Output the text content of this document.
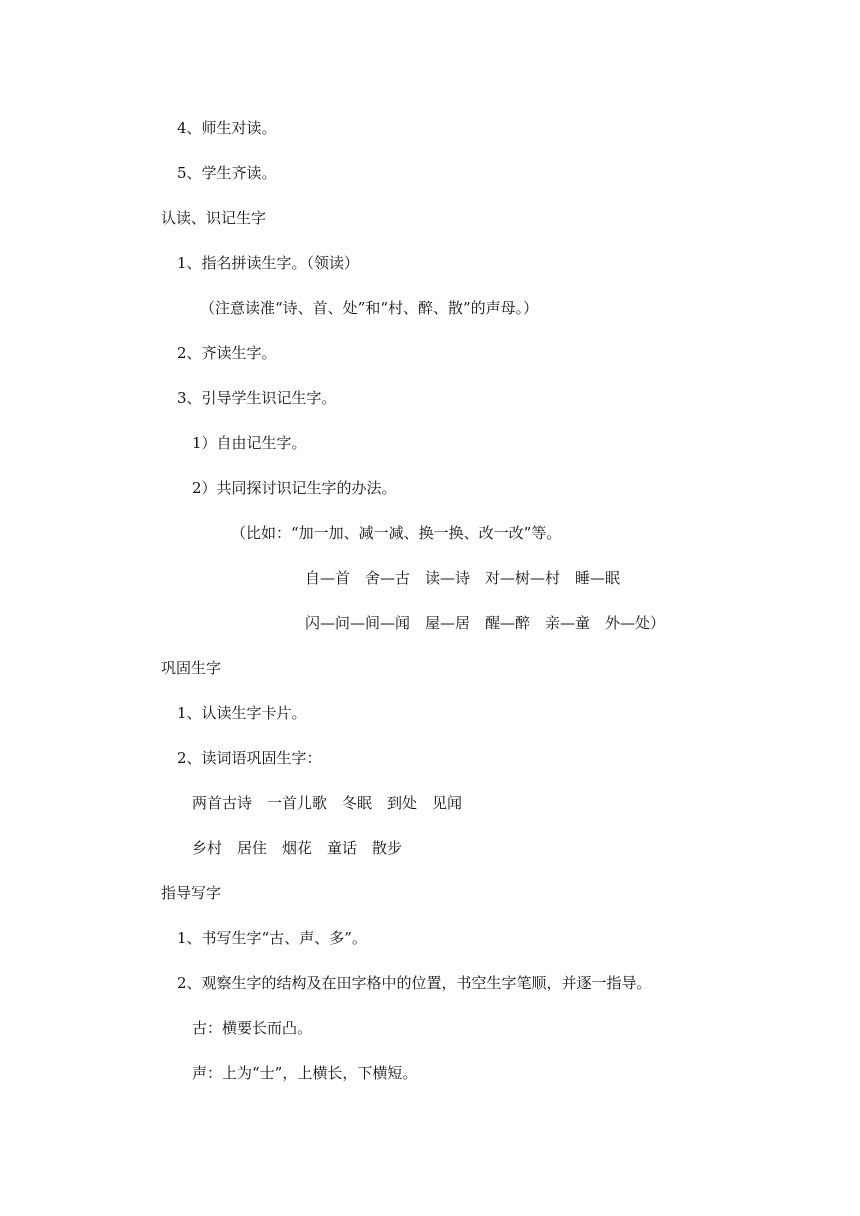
4、师生对读。
5、学生齐读。
认读、识记生字
1、指名拼读生字。（领读）
（注意读准“诗、首、处”和“村、醉、散”的声母。）
2、齐读生字。
3、引导学生识记生字。
1）自由记生字。
2）共同探讨识记生字的办法。
（比如：“加一加、减一减、换一换、改一改”等。
自—首　舍—古　读—诗　对—树—村　睡—眠
闪—问—间—闻　屋—居　醒—醉　亲—童　外—处）
巩固生字
1、认读生字卡片。
2、读词语巩固生字：
两首古诗　一首儿歌　冬眠　到处　见闻
乡村　居住　烟花　童话　散步
指导写字
1、书写生字“古、声、多”。
2、观察生字的结构及在田字格中的位置，书空生字笔顺，并逐一指导。
古：横要长而凸。
声：上为“士”，上横长，下横短。
